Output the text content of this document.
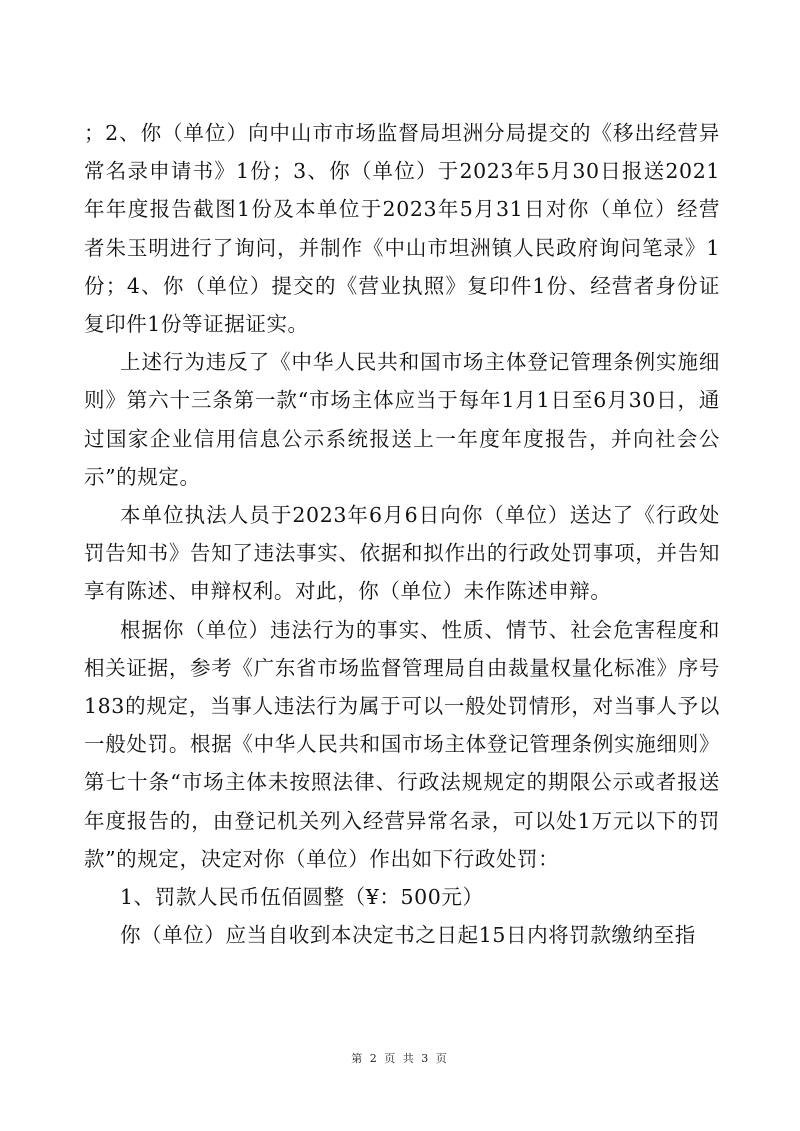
；2、你（单位）向中山市市场监督局坦洲分局提交的《移出经营异常名录申请书》1份；3、你（单位）于2023年5月30日报送2021年年度报告截图1份及本单位于2023年5月31日对你（单位）经营者朱玉明进行了询问，并制作《中山市坦洲镇人民政府询问笔录》1份；4、你（单位）提交的《营业执照》复印件1份、经营者身份证复印件1份等证据证实。

上述行为违反了《中华人民共和国市场主体登记管理条例实施细则》第六十三条第一款“市场主体应当于每年1月1日至6月30日，通过国家企业信用信息公示系统报送上一年度年度报告，并向社会公示”的规定。

本单位执法人员于2023年6月6日向你（单位）送达了《行政处罚告知书》告知了违法事实、依据和拟作出的行政处罚事项，并告知享有陈述、申辩权利。对此，你（单位）未作陈述申辩。

根据你（单位）违法行为的事实、性质、情节、社会危害程度和相关证据，参考《广东省市场监督管理局自由裁量权量化标准》序号183的规定，当事人违法行为属于可以一般处罚情形，对当事人予以一般处罚。根据《中华人民共和国市场主体登记管理条例实施细则》第七十条“市场主体未按照法律、行政法规规定的期限公示或者报送年度报告的，由登记机关列入经营异常名录，可以处1万元以下的罚款”的规定，决定对你（单位）作出如下行政处罚：

1、罚款人民币伍佰圆整（¥：500元）

你（单位）应当自收到本决定书之日起15日内将罚款缴纳至指

第 2 页 共 3 页
